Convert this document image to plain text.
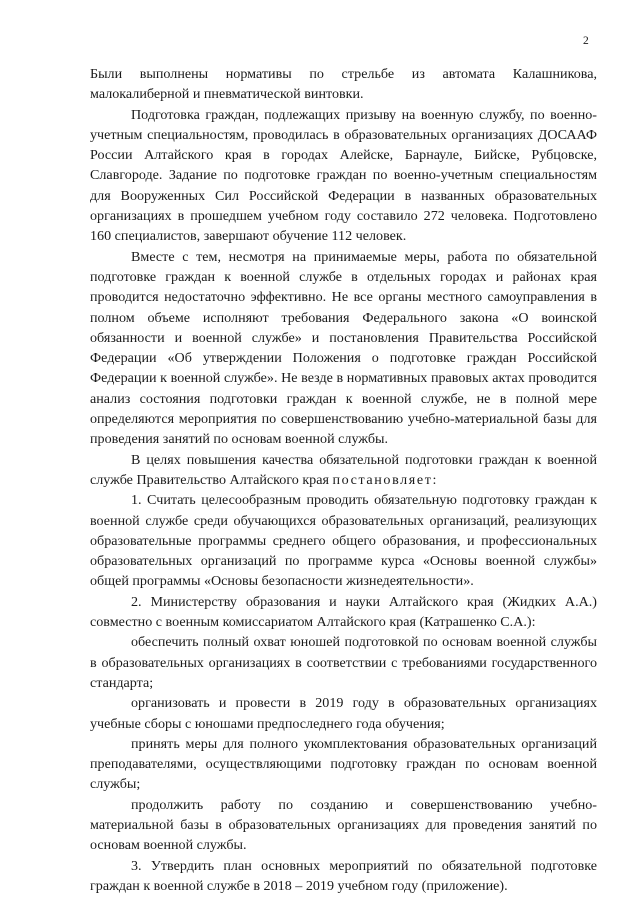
2

Были выполнены нормативы по стрельбе из автомата Калашникова, малокалиберной и пневматической винтовки.

Подготовка граждан, подлежащих призыву на военную службу, по военно-учетным специальностям, проводилась в образовательных организациях ДОСААФ России Алтайского края в городах Алейске, Барнауле, Бийске, Рубцовске, Славгороде. Задание по подготовке граждан по военно-учетным специальностям для Вооруженных Сил Российской Федерации в названных образовательных организациях в прошедшем учебном году составило 272 человека. Подготовлено 160 специалистов, завершают обучение 112 человек.

Вместе с тем, несмотря на принимаемые меры, работа по обязательной подготовке граждан к военной службе в отдельных городах и районах края проводится недостаточно эффективно. Не все органы местного самоуправления в полном объеме исполняют требования Федерального закона «О воинской обязанности и военной службе» и постановления Правительства Российской Федерации «Об утверждении Положения о подготовке граждан Российской Федерации к военной службе». Не везде в нормативных правовых актах проводится анализ состояния подготовки граждан к военной службе, не в полной мере определяются мероприятия по совершенствованию учебно-материальной базы для проведения занятий по основам военной службы.

В целях повышения качества обязательной подготовки граждан к военной службе Правительство Алтайского края постановляет:

1. Считать целесообразным проводить обязательную подготовку граждан к военной службе среди обучающихся образовательных организаций, реализующих образовательные программы среднего общего образования, и профессиональных образовательных организаций по программе курса «Основы военной службы» общей программы «Основы безопасности жизнедеятельности».

2. Министерству образования и науки Алтайского края (Жидких А.А.) совместно с военным комиссариатом Алтайского края (Катрашенко С.А.):

обеспечить полный охват юношей подготовкой по основам военной службы в образовательных организациях в соответствии с требованиями государственного стандарта;

организовать и провести в 2019 году в образовательных организациях учебные сборы с юношами предпоследнего года обучения;

принять меры для полного укомплектования образовательных организаций преподавателями, осуществляющими подготовку граждан по основам военной службы;

продолжить работу по созданию и совершенствованию учебно-материальной базы в образовательных организациях для проведения занятий по основам военной службы.

3. Утвердить план основных мероприятий по обязательной подготовке граждан к военной службе в 2018 – 2019 учебном году (приложение).
